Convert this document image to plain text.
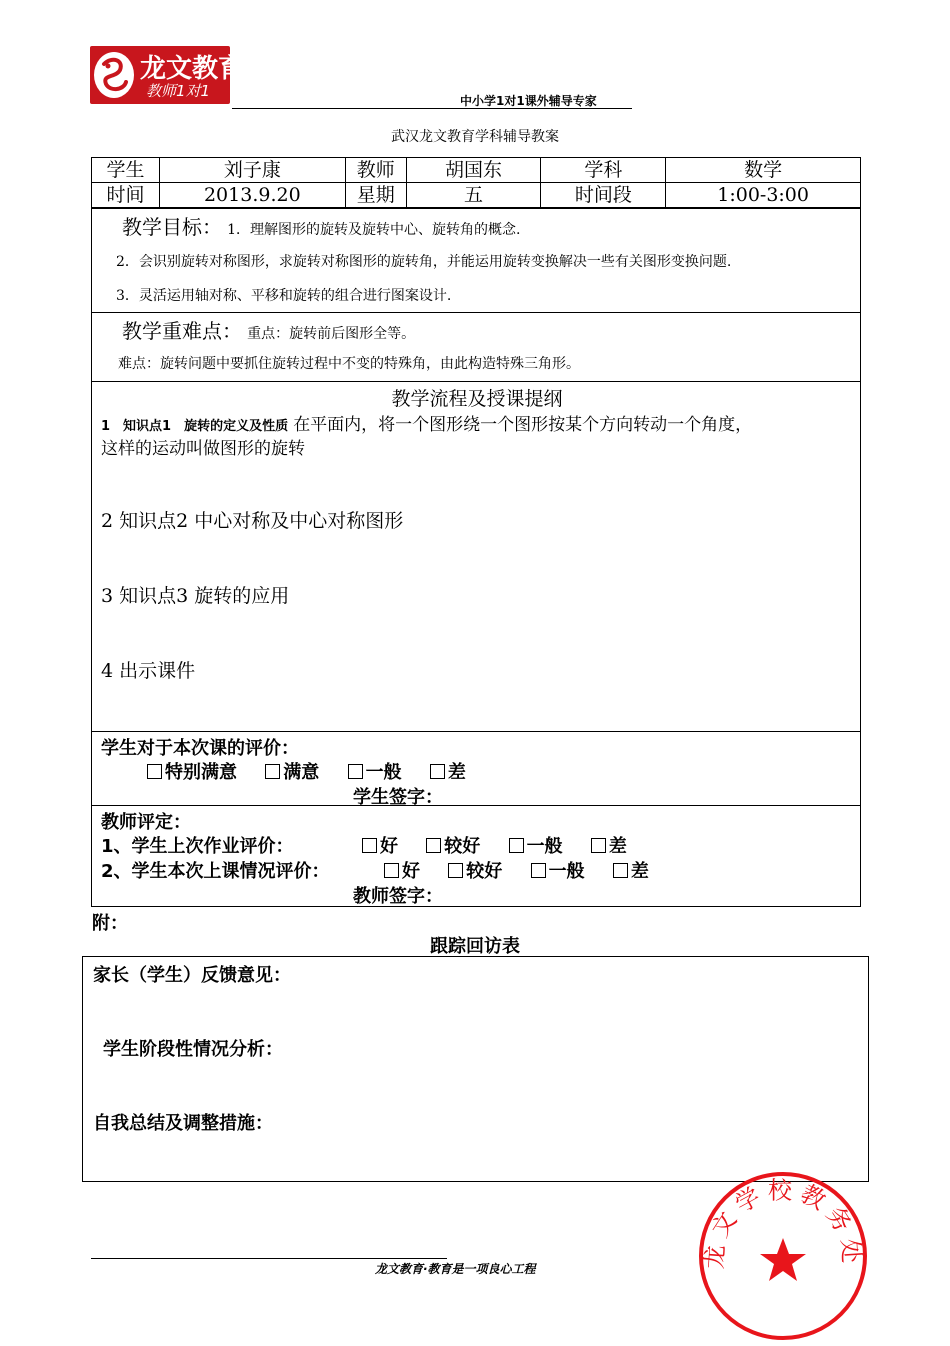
龙文教育
教师1对1
中小学1对1课外辅导专家
武汉龙文教育学科辅导教案
学生	刘子康	教师	胡国东	学科	数学
时间	2013.9.20	星期	五	时间段	1:00-3:00
教学目标： 1．理解图形的旋转及旋转中心、旋转角的概念.
2．会识别旋转对称图形，求旋转对称图形的旋转角，并能运用旋转变换解决一些有关图形变换问题.
3．灵活运用轴对称、平移和旋转的组合进行图案设计.
教学重难点： 重点：旋转前后图形全等。
难点：旋转问题中要抓住旋转过程中不变的特殊角，由此构造特殊三角形。
教学流程及授课提纲
1　知识点1　旋转的定义及性质 在平面内，将一个图形绕一个图形按某个方向转动一个角度，
这样的运动叫做图形的旋转
2 知识点2 中心对称及中心对称图形
3 知识点3 旋转的应用
4 出示课件
学生对于本次课的评价：
特别满意	满意	一般	差
学生签字：
教师评定：
1、学生上次作业评价：	好	较好	一般	差
2、学生本次上课情况评价：	好	较好	一般	差
教师签字：
附：
跟踪回访表
家长（学生）反馈意见：
学生阶段性情况分析：
自我总结及调整措施：
龙文学校教务处
龙文教育·教育是一项良心工程
